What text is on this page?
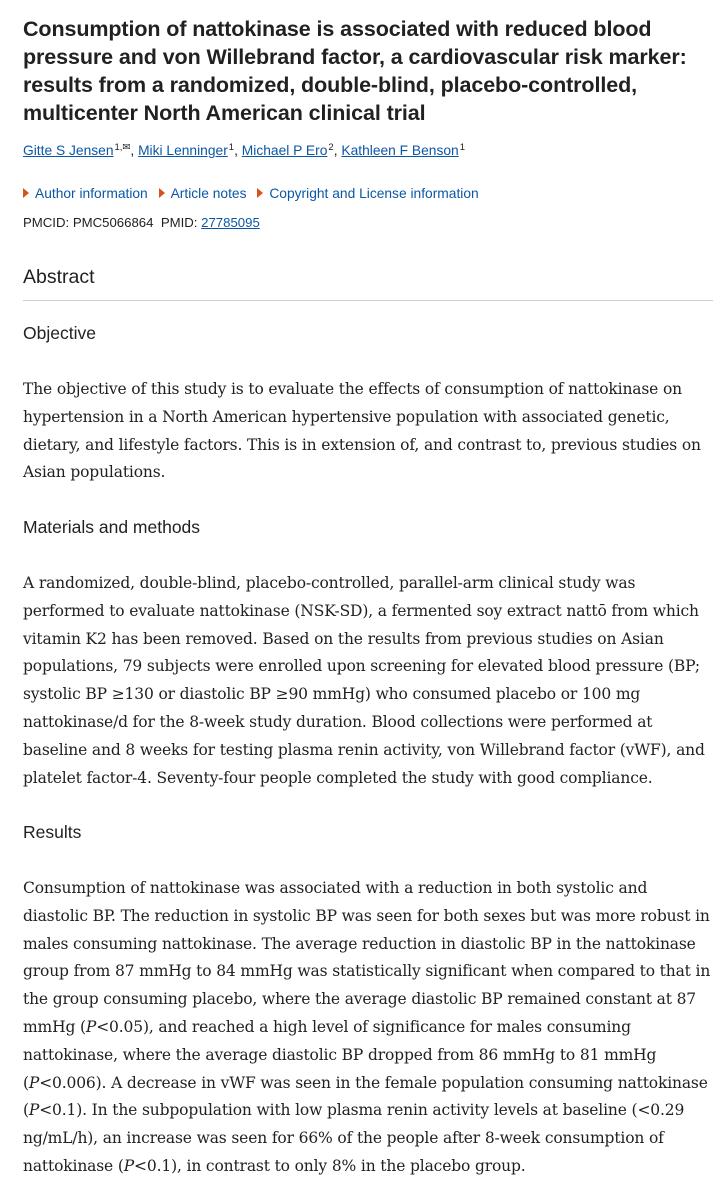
Consumption of nattokinase is associated with reduced blood pressure and von Willebrand factor, a cardiovascular risk marker: results from a randomized, double-blind, placebo-controlled, multicenter North American clinical trial
Gitte S Jensen$^{1,✉}$, Miki Lenninger$^1$, Michael P Ero$^2$, Kathleen F Benson$^1$
Author information Article notes Copyright and License information
PMCID: PMC5066864 PMID: 27785095
Abstract
Objective

The objective of this study is to evaluate the effects of consumption of nattokinase on hypertension in a North American hypertensive population with associated genetic, dietary, and lifestyle factors. This is in extension of, and contrast to, previous studies on Asian populations.

Materials and methods

A randomized, double-blind, placebo-controlled, parallel-arm clinical study was performed to evaluate nattokinase (NSK-SD), a fermented soy extract nattō from which vitamin K2 has been removed. Based on the results from previous studies on Asian populations, 79 subjects were enrolled upon screening for elevated blood pressure (BP; systolic BP ≥130 or diastolic BP ≥90 mmHg) who consumed placebo or 100 mg nattokinase/d for the 8-week study duration. Blood collections were performed at baseline and 8 weeks for testing plasma renin activity, von Willebrand factor (vWF), and platelet factor-4. Seventy-four people completed the study with good compliance.

Results

Consumption of nattokinase was associated with a reduction in both systolic and diastolic BP. The reduction in systolic BP was seen for both sexes but was more robust in males consuming nattokinase. The average reduction in diastolic BP in the nattokinase group from 87 mmHg to 84 mmHg was statistically significant when compared to that in the group consuming placebo, where the average diastolic BP remained constant at 87 mmHg (P<0.05), and reached a high level of significance for males consuming nattokinase, where the average diastolic BP dropped from 86 mmHg to 81 mmHg (P<0.006). A decrease in vWF was seen in the female population consuming nattokinase (P<0.1). In the subpopulation with low plasma renin activity levels at baseline (<0.29 ng/mL/h), an increase was seen for 66% of the people after 8-week consumption of nattokinase (P<0.1), in contrast to only 8% in the placebo group.
